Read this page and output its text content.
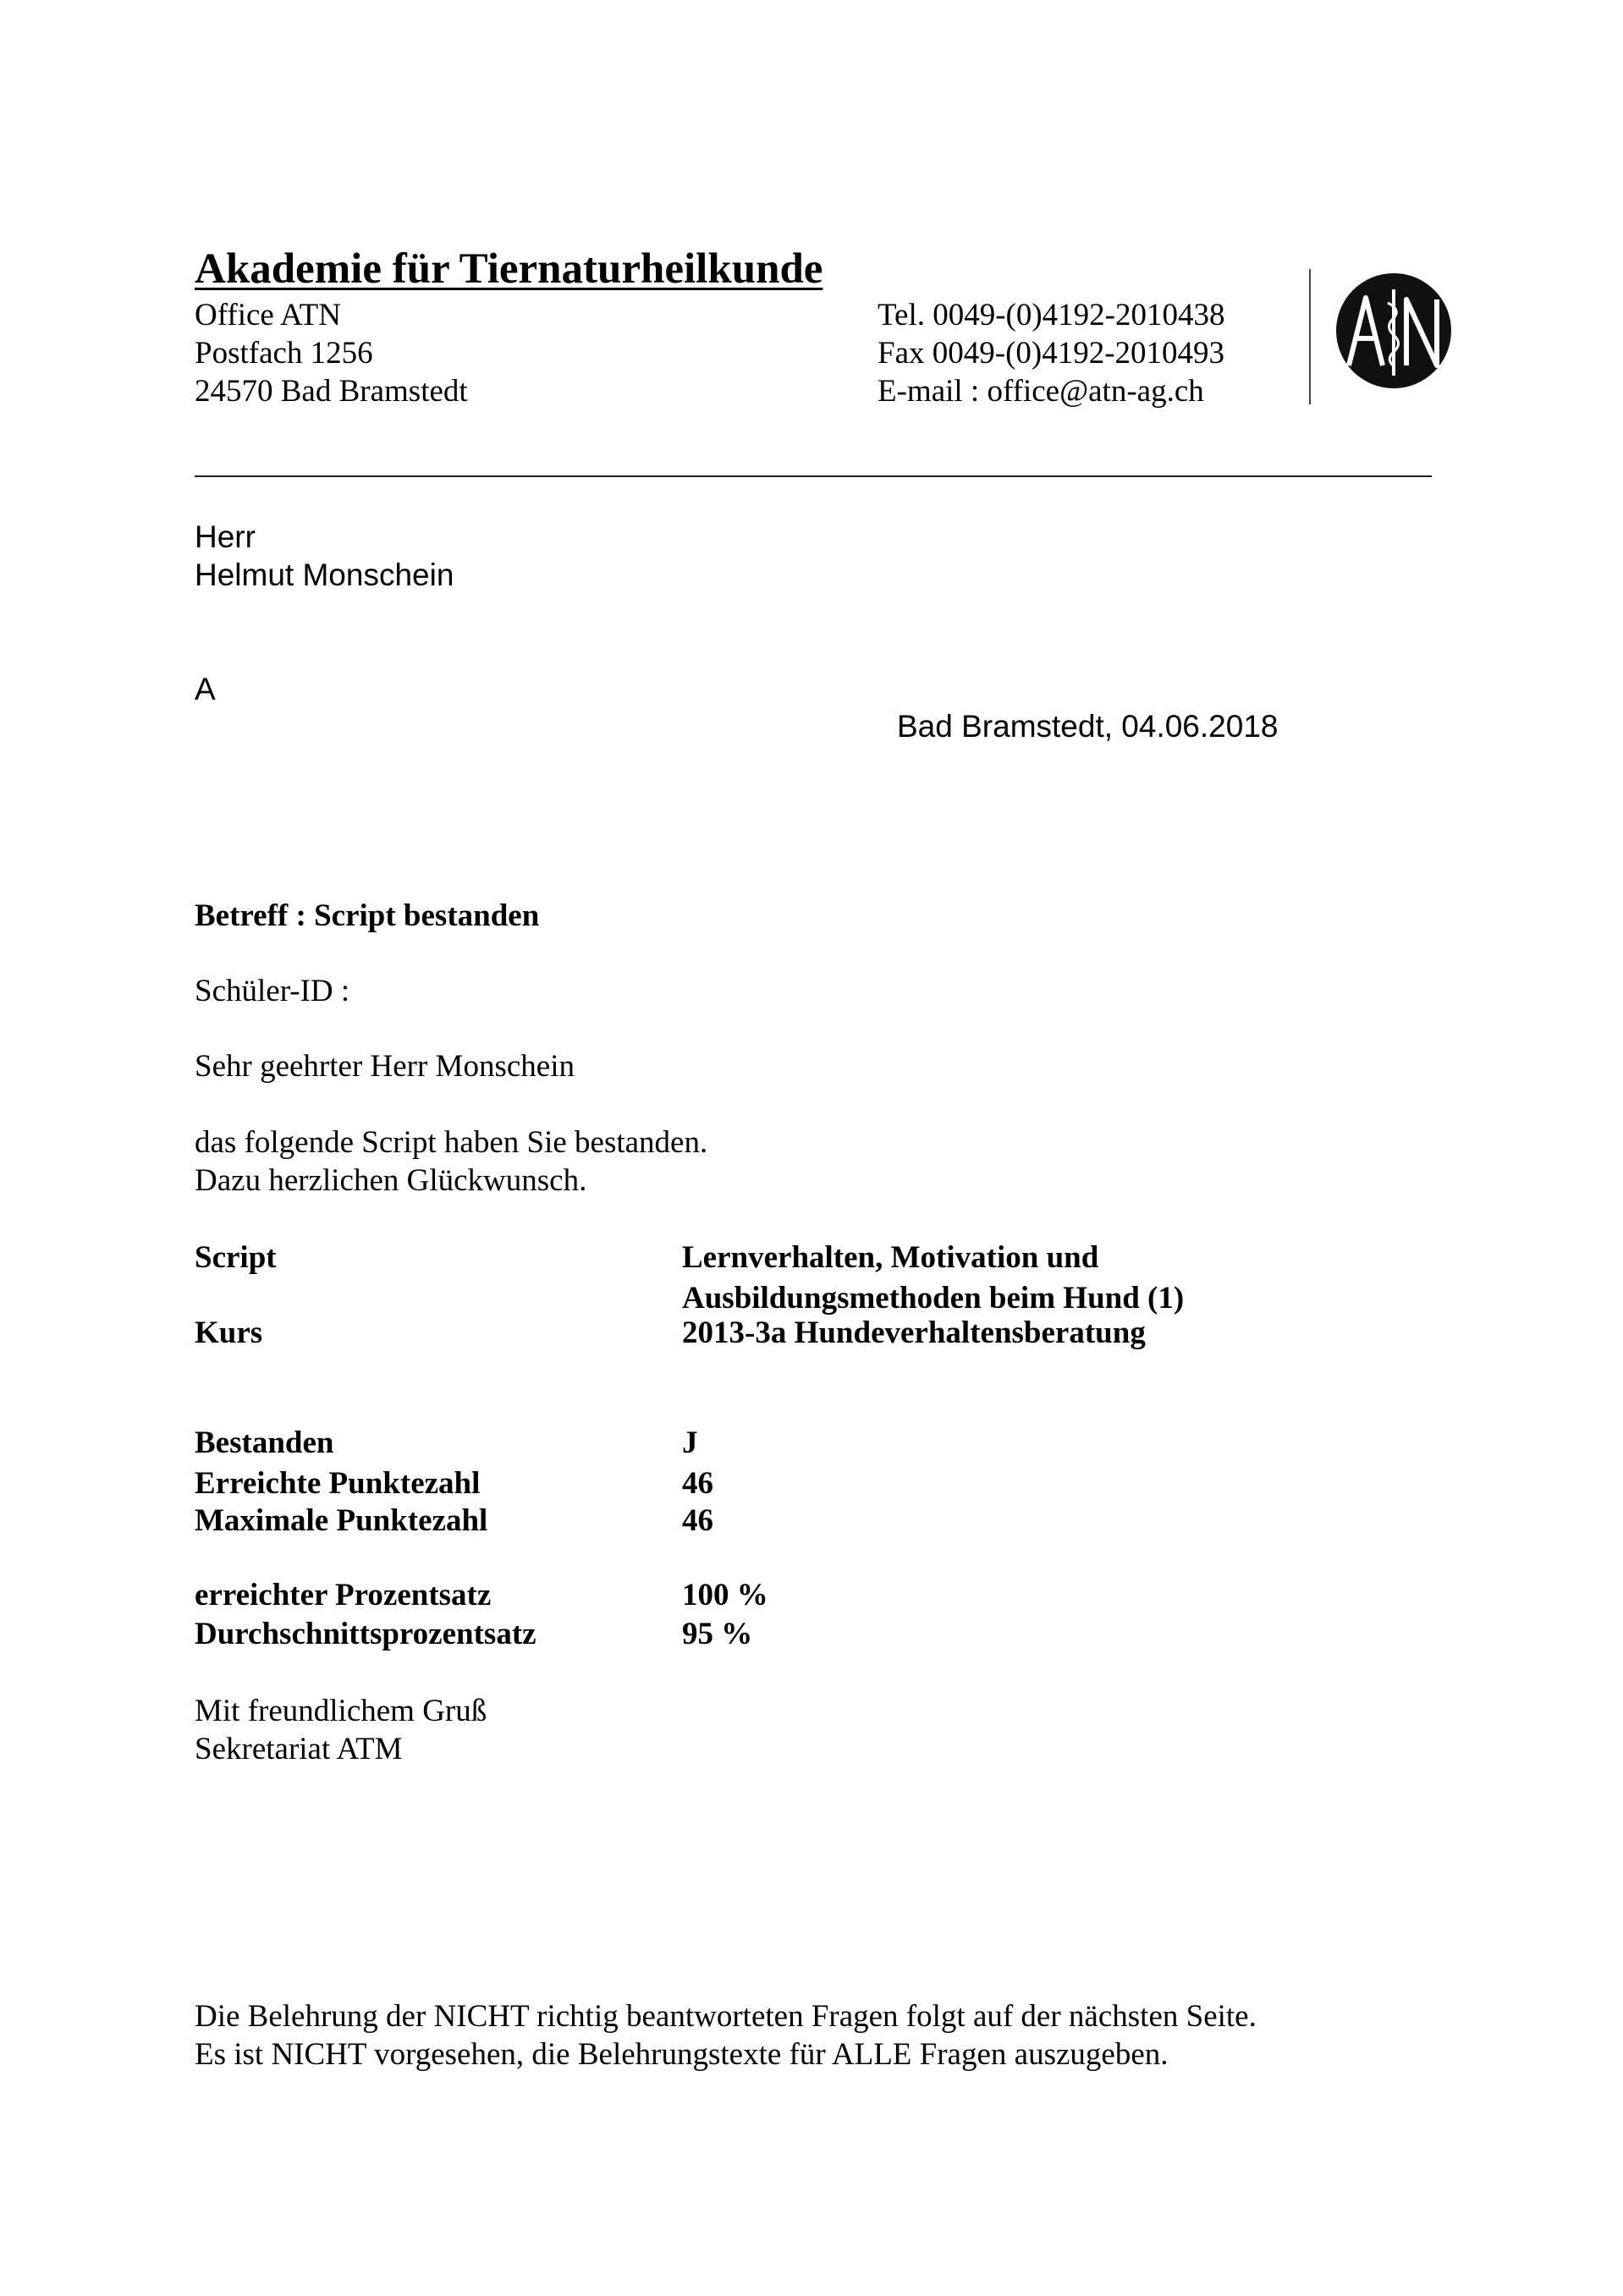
Akademie für Tiernaturheilkunde
Office ATN
Postfach 1256
24570 Bad Bramstedt
Tel. 0049-(0)4192-2010438
Fax 0049-(0)4192-2010493
E-mail : office@atn-ag.ch
Herr
Helmut Monschein
A
Bad Bramstedt, 04.06.2018
Betreff : Script bestanden
Schüler-ID :
Sehr geehrter Herr Monschein
das folgende Script haben Sie bestanden.
Dazu herzlichen Glückwunsch.
Script	Lernverhalten, Motivation und
Ausbildungsmethoden beim Hund (1)
Kurs	2013-3a Hundeverhaltensberatung
Bestanden	J
Erreichte Punktezahl	46
Maximale Punktezahl	46
erreichter Prozentsatz	100 %
Durchschnittsprozentsatz	95 %
Mit freundlichem Gruß
Sekretariat ATM
Die Belehrung der NICHT richtig beantworteten Fragen folgt auf der nächsten Seite.
Es ist NICHT vorgesehen, die Belehrungstexte für ALLE Fragen auszugeben.
